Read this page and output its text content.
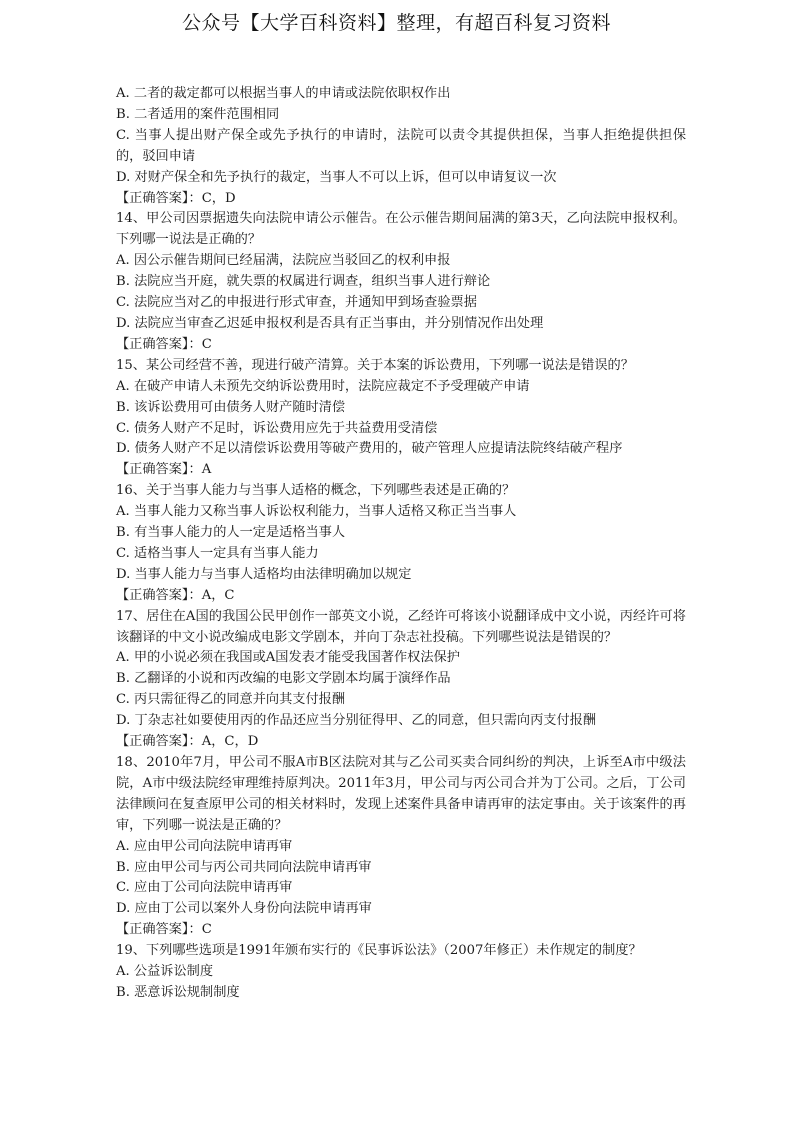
公众号【大学百科资料】整理，有超百科复习资料
A. 二者的裁定都可以根据当事人的申请或法院依职权作出
B. 二者适用的案件范围相同
C. 当事人提出财产保全或先予执行的申请时，法院可以责令其提供担保，当事人拒绝提供担保的，驳回申请
D. 对财产保全和先予执行的裁定，当事人不可以上诉，但可以申请复议一次
【正确答案】：C，D
14、甲公司因票据遗失向法院申请公示催告。在公示催告期间届满的第3天，乙向法院申报权利。下列哪一说法是正确的？
A. 因公示催告期间已经届满，法院应当驳回乙的权利申报
B. 法院应当开庭，就失票的权属进行调查，组织当事人进行辩论
C. 法院应当对乙的申报进行形式审查，并通知甲到场查验票据
D. 法院应当审查乙迟延申报权利是否具有正当事由，并分别情况作出处理
【正确答案】：C
15、某公司经营不善，现进行破产清算。关于本案的诉讼费用，下列哪一说法是错误的？
A. 在破产申请人未预先交纳诉讼费用时，法院应裁定不予受理破产申请
B. 该诉讼费用可由债务人财产随时清偿
C. 债务人财产不足时，诉讼费用应先于共益费用受清偿
D. 债务人财产不足以清偿诉讼费用等破产费用的，破产管理人应提请法院终结破产程序
【正确答案】：A
16、关于当事人能力与当事人适格的概念，下列哪些表述是正确的？
A. 当事人能力又称当事人诉讼权利能力，当事人适格又称正当当事人
B. 有当事人能力的人一定是适格当事人
C. 适格当事人一定具有当事人能力
D. 当事人能力与当事人适格均由法律明确加以规定
【正确答案】：A，C
17、居住在A国的我国公民甲创作一部英文小说，乙经许可将该小说翻译成中文小说，丙经许可将该翻译的中文小说改编成电影文学剧本，并向丁杂志社投稿。下列哪些说法是错误的？
A. 甲的小说必须在我国或A国发表才能受我国著作权法保护
B. 乙翻译的小说和丙改编的电影文学剧本均属于演绎作品
C. 丙只需征得乙的同意并向其支付报酬
D. 丁杂志社如要使用丙的作品还应当分别征得甲、乙的同意，但只需向丙支付报酬
【正确答案】：A，C，D
18、2010年7月，甲公司不服A市B区法院对其与乙公司买卖合同纠纷的判决，上诉至A市中级法院，A市中级法院经审理维持原判决。2011年3月，甲公司与丙公司合并为丁公司。之后，丁公司法律顾问在复查原甲公司的相关材料时，发现上述案件具备申请再审的法定事由。关于该案件的再审，下列哪一说法是正确的？
A. 应由甲公司向法院申请再审
B. 应由甲公司与丙公司共同向法院申请再审
C. 应由丁公司向法院申请再审
D. 应由丁公司以案外人身份向法院申请再审
【正确答案】：C
19、下列哪些选项是1991年颁布实行的《民事诉讼法》（2007年修正）未作规定的制度？
A. 公益诉讼制度
B. 恶意诉讼规制制度
